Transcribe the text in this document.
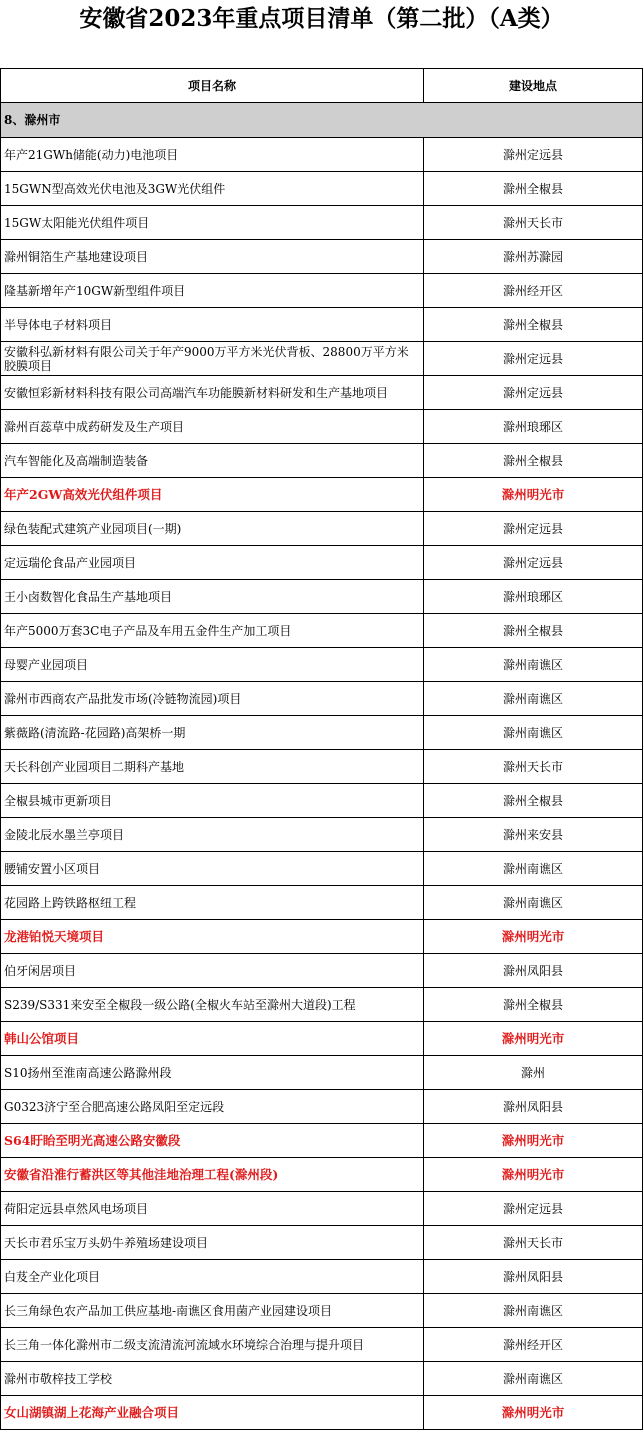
安徽省2023年重点项目清单（第二批）（A类）
项目名称	建设地点
8、滁州市
年产21GWh储能(动力)电池项目	滁州定远县
15GWN型高效光伏电池及3GW光伏组件	滁州全椒县
15GW太阳能光伏组件项目	滁州天长市
滁州铜箔生产基地建设项目	滁州苏滁园
隆基新增年产10GW新型组件项目	滁州经开区
半导体电子材料项目	滁州全椒县
安徽科弘新材料有限公司关于年产9000万平方米光伏背板、28800万平方米胶膜项目	滁州定远县
安徽恒彩新材料科技有限公司高端汽车功能膜新材料研发和生产基地项目	滁州定远县
滁州百蕊草中成药研发及生产项目	滁州琅琊区
汽车智能化及高端制造装备	滁州全椒县
年产2GW高效光伏组件项目	滁州明光市
绿色装配式建筑产业园项目(一期)	滁州定远县
定远瑞伦食品产业园项目	滁州定远县
王小卤数智化食品生产基地项目	滁州琅琊区
年产5000万套3C电子产品及车用五金件生产加工项目	滁州全椒县
母婴产业园项目	滁州南谯区
滁州市西商农产品批发市场(冷链物流园)项目	滁州南谯区
紫薇路(清流路-花园路)高架桥一期	滁州南谯区
天长科创产业园项目二期科产基地	滁州天长市
全椒县城市更新项目	滁州全椒县
金陵北辰水墨兰亭项目	滁州来安县
腰铺安置小区项目	滁州南谯区
花园路上跨铁路枢纽工程	滁州南谯区
龙港铂悦天境项目	滁州明光市
伯牙闲居项目	滁州凤阳县
S239/S331来安至全椒段一级公路(全椒火车站至滁州大道段)工程	滁州全椒县
韩山公馆项目	滁州明光市
S10扬州至淮南高速公路滁州段	滁州
G0323济宁至合肥高速公路凤阳至定远段	滁州凤阳县
S64盱眙至明光高速公路安徽段	滁州明光市
安徽省沿淮行蓄洪区等其他洼地治理工程(滁州段)	滁州明光市
荷阳定远县卓然风电场项目	滁州定远县
天长市君乐宝万头奶牛养殖场建设项目	滁州天长市
白芨全产业化项目	滁州凤阳县
长三角绿色农产品加工供应基地-南谯区食用菌产业园建设项目	滁州南谯区
长三角一体化滁州市二级支流清流河流域水环境综合治理与提升项目	滁州经开区
滁州市敬梓技工学校	滁州南谯区
女山湖镇湖上花海产业融合项目	滁州明光市
